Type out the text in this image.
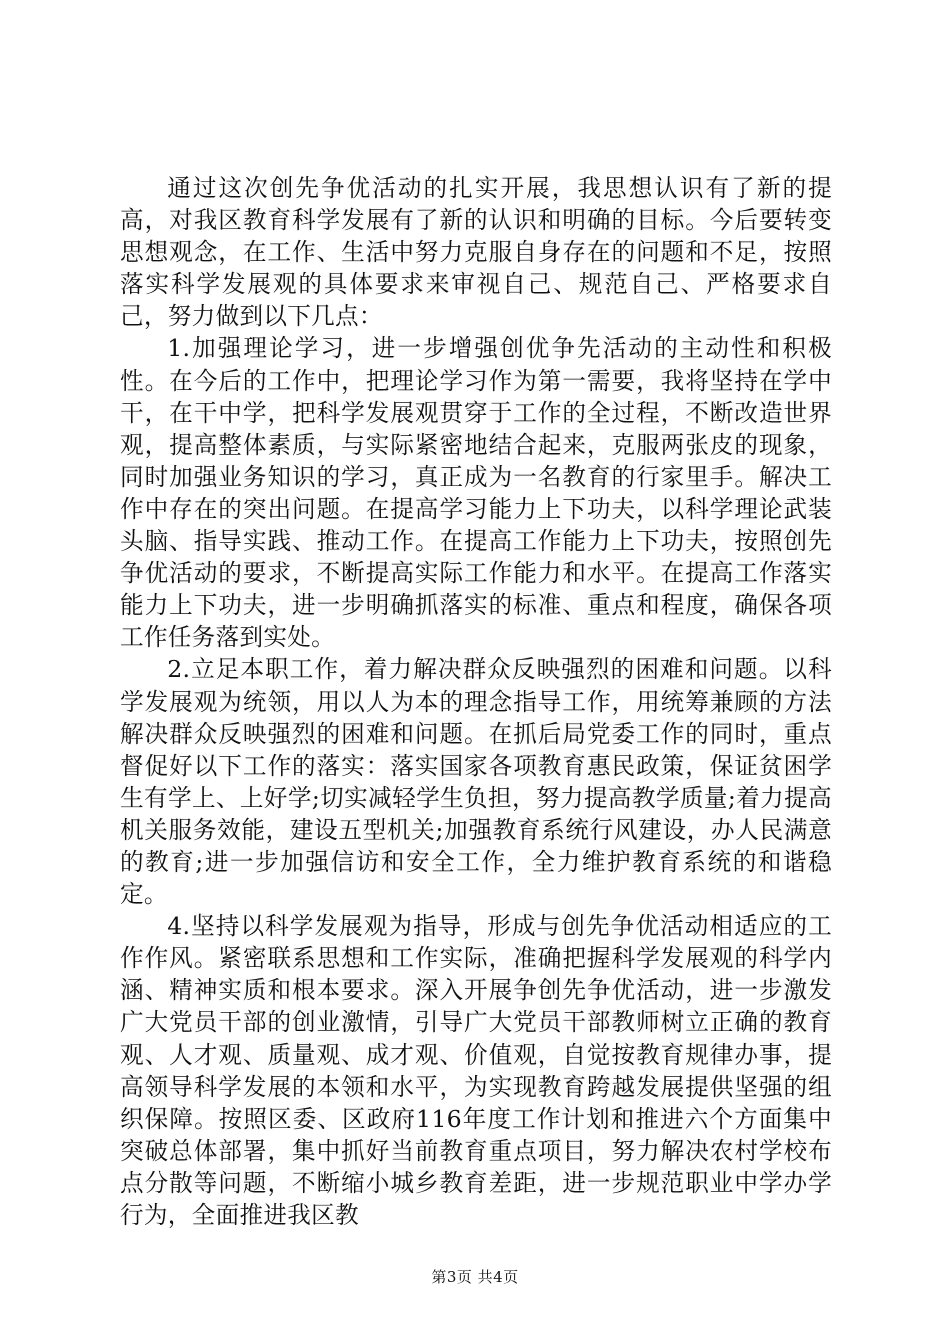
通过这次创先争优活动的扎实开展，我思想认识有了新的提高，对我区教育科学发展有了新的认识和明确的目标。今后要转变思想观念，在工作、生活中努力克服自身存在的问题和不足，按照落实科学发展观的具体要求来审视自己、规范自己、严格要求自己，努力做到以下几点：

1.加强理论学习，进一步增强创优争先活动的主动性和积极性。在今后的工作中，把理论学习作为第一需要，我将坚持在学中干，在干中学，把科学发展观贯穿于工作的全过程，不断改造世界观，提高整体素质，与实际紧密地结合起来，克服两张皮的现象，同时加强业务知识的学习，真正成为一名教育的行家里手。解决工作中存在的突出问题。在提高学习能力上下功夫，以科学理论武装头脑、指导实践、推动工作。在提高工作能力上下功夫，按照创先争优活动的要求，不断提高实际工作能力和水平。在提高工作落实能力上下功夫，进一步明确抓落实的标准、重点和程度，确保各项工作任务落到实处。

2.立足本职工作，着力解决群众反映强烈的困难和问题。以科学发展观为统领，用以人为本的理念指导工作，用统筹兼顾的方法解决群众反映强烈的困难和问题。在抓后局党委工作的同时，重点督促好以下工作的落实：落实国家各项教育惠民政策，保证贫困学生有学上、上好学;切实减轻学生负担，努力提高教学质量;着力提高机关服务效能，建设五型机关;加强教育系统行风建设，办人民满意的教育;进一步加强信访和安全工作，全力维护教育系统的和谐稳定。

4.坚持以科学发展观为指导，形成与创先争优活动相适应的工作作风。紧密联系思想和工作实际，准确把握科学发展观的科学内涵、精神实质和根本要求。深入开展争创先争优活动，进一步激发广大党员干部的创业激情，引导广大党员干部教师树立正确的教育观、人才观、质量观、成才观、价值观，自觉按教育规律办事，提高领导科学发展的本领和水平，为实现教育跨越发展提供坚强的组织保障。按照区委、区政府116年度工作计划和推进六个方面集中突破总体部署，集中抓好当前教育重点项目，努力解决农村学校布点分散等问题，不断缩小城乡教育差距，进一步规范职业中学办学行为，全面推进我区教

第3页 共4页
